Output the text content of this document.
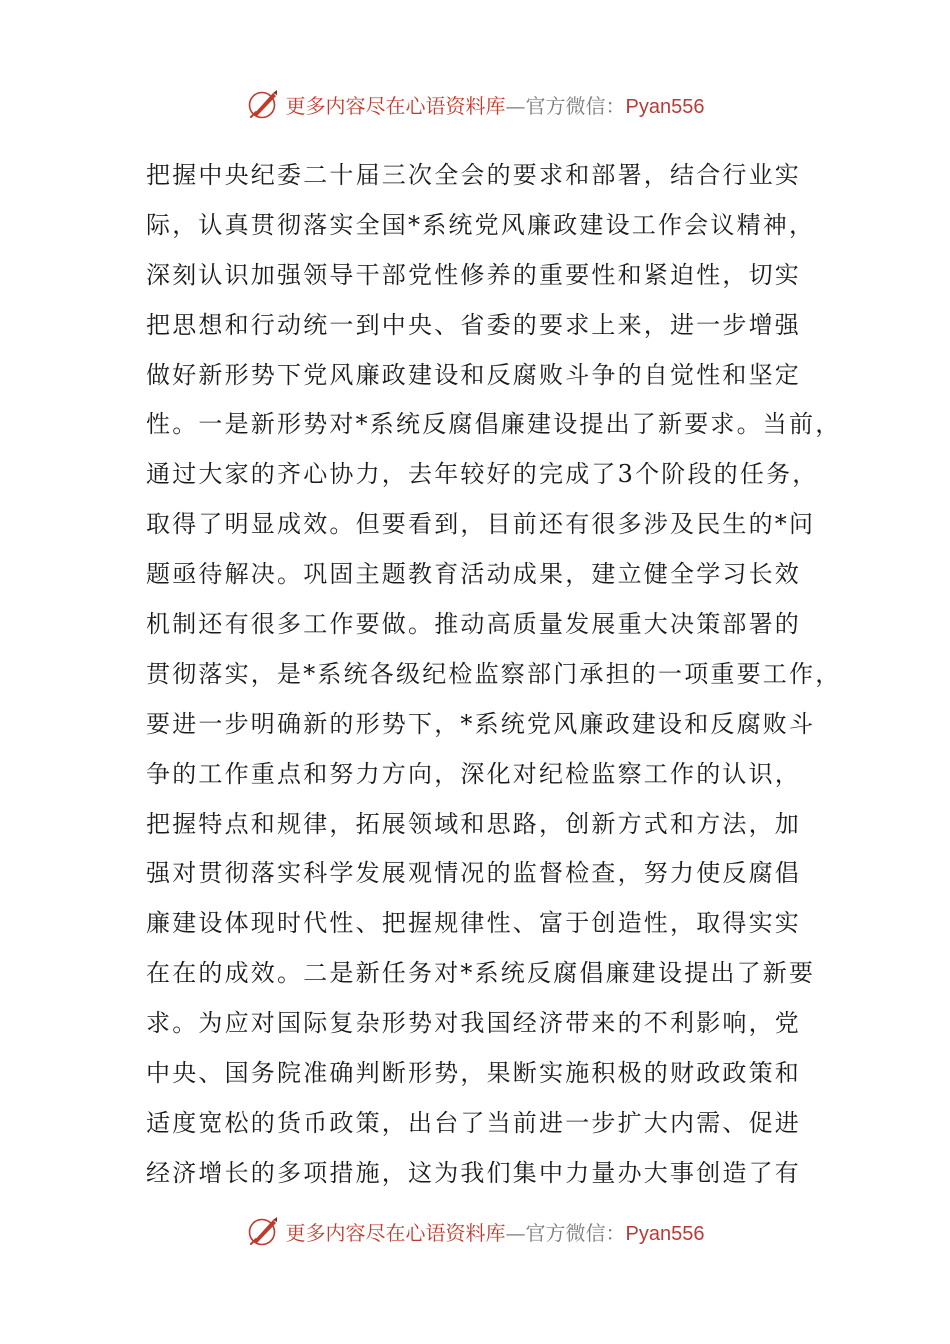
更多内容尽在心语资料库 — 官方微信： Pyan556
把握中央纪委二十届三次全会的要求和部署，结合行业实
际，认真贯彻落实全国*系统党风廉政建设工作会议精神，
深刻认识加强领导干部党性修养的重要性和紧迫性，切实
把思想和行动统一到中央、省委的要求上来，进一步增强
做好新形势下党风廉政建设和反腐败斗争的自觉性和坚定
性。一是新形势对*系统反腐倡廉建设提出了新要求。当前，
通过大家的齐心协力，去年较好的完成了3个阶段的任务，
取得了明显成效。但要看到，目前还有很多涉及民生的*问
题亟待解决。巩固主题教育活动成果，建立健全学习长效
机制还有很多工作要做。推动高质量发展重大决策部署的
贯彻落实，是*系统各级纪检监察部门承担的一项重要工作，
要进一步明确新的形势下，*系统党风廉政建设和反腐败斗
争的工作重点和努力方向，深化对纪检监察工作的认识，
把握特点和规律，拓展领域和思路，创新方式和方法，加
强对贯彻落实科学发展观情况的监督检查，努力使反腐倡
廉建设体现时代性、把握规律性、富于创造性，取得实实
在在的成效。二是新任务对*系统反腐倡廉建设提出了新要
求。为应对国际复杂形势对我国经济带来的不利影响，党
中央、国务院准确判断形势，果断实施积极的财政政策和
适度宽松的货币政策，出台了当前进一步扩大内需、促进
经济增长的多项措施，这为我们集中力量办大事创造了有
更多内容尽在心语资料库 — 官方微信： Pyan556
